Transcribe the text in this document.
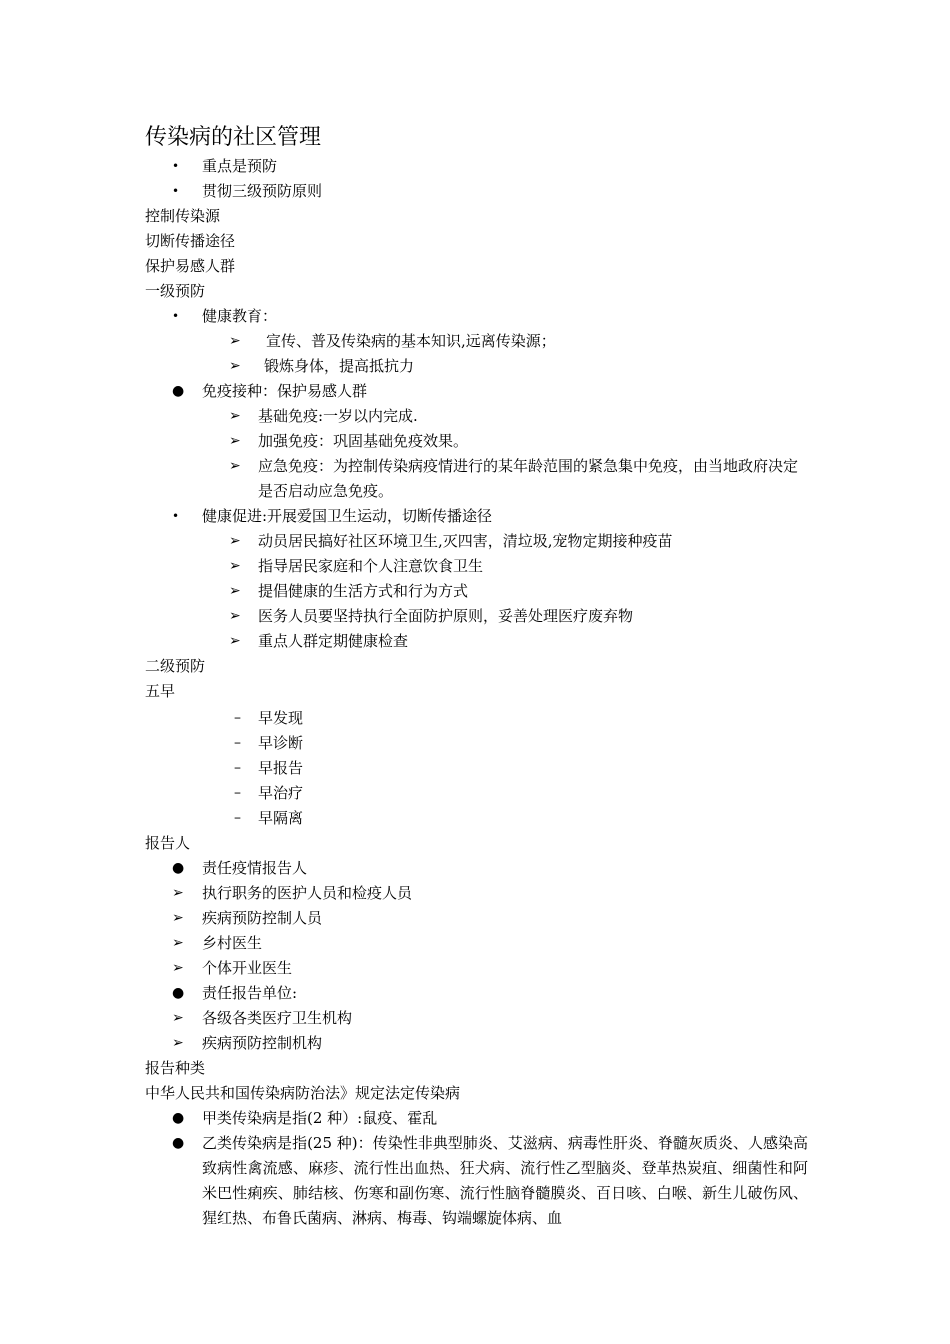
传染病的社区管理
• 重点是预防
• 贯彻三级预防原则
控制传染源
切断传播途径
保护易感人群
一级预防
• 健康教育：
➢ 宣传、普及传染病的基本知识,远离传染源；
➢ 锻炼身体，提高抵抗力
● 免疫接种：保护易感人群
➢ 基础免疫:一岁以内完成.
➢ 加强免疫：巩固基础免疫效果。
➢ 应急免疫：为控制传染病疫情进行的某年龄范围的紧急集中免疫，由当地政府决定是否启动应急免疫。
• 健康促进:开展爱国卫生运动，切断传播途径
➢ 动员居民搞好社区环境卫生,灭四害，清垃圾,宠物定期接种疫苗
➢ 指导居民家庭和个人注意饮食卫生
➢ 提倡健康的生活方式和行为方式
➢ 医务人员要坚持执行全面防护原则，妥善处理医疗废弃物
➢ 重点人群定期健康检查
二级预防
五早
– 早发现
– 早诊断
– 早报告
– 早治疗
– 早隔离
报告人
● 责任疫情报告人
➢ 执行职务的医护人员和检疫人员
➢ 疾病预防控制人员
➢ 乡村医生
➢ 个体开业医生
● 责任报告单位:
➢ 各级各类医疗卫生机构
➢ 疾病预防控制机构
报告种类
中华人民共和国传染病防治法》规定法定传染病
● 甲类传染病是指(2 种）:鼠疫、霍乱
● 乙类传染病是指(25 种)：传染性非典型肺炎、艾滋病、病毒性肝炎、脊髓灰质炎、人感染高致病性禽流感、麻疹、流行性出血热、狂犬病、流行性乙型脑炎、登革热炭疽、细菌性和阿米巴性痢疾、肺结核、伤寒和副伤寒、流行性脑脊髓膜炎、百日咳、白喉、新生儿破伤风、猩红热、布鲁氏菌病、淋病、梅毒、钩端螺旋体病、血
